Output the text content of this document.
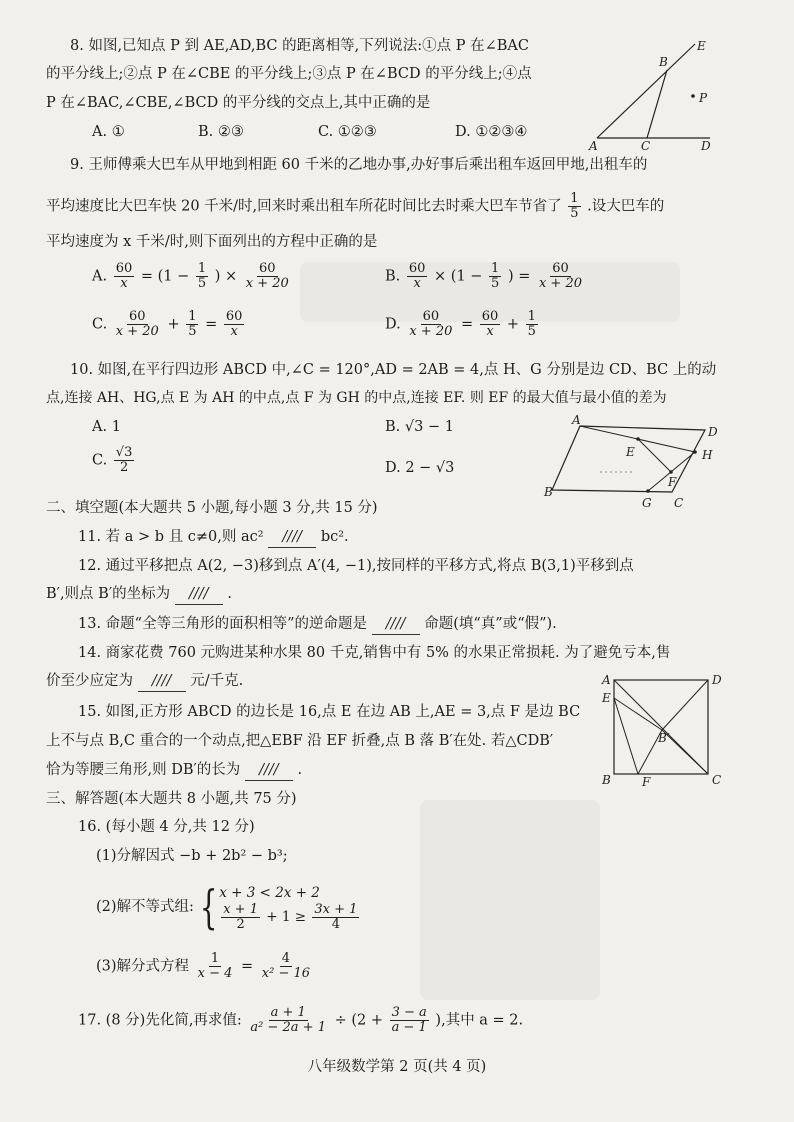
8. 如图,已知点 P 到 AE,AD,BC 的距离相等,下列说法:①点 P 在∠BAC
的平分线上;②点 P 在∠CBE 的平分线上;③点 P 在∠BCD 的平分线上;④点
P 在∠BAC,∠CBE,∠BCD 的平分线的交点上,其中正确的是
A. ①	B. ②③	C. ①②③	D. ①②③④
E
B
P
A	C	D
9. 王师傅乘大巴车从甲地到相距 60 千米的乙地办事,办好事后乘出租车返回甲地,出租车的
平均速度比大巴车快 20 千米/时,回来时乘出租车所花时间比去时乘大巴车节省了 $\frac{1}{5}$ .设大巴车的
平均速度为 x 千米/时,则下面列出的方程中正确的是
A. $\frac{60}{x} = (1 - \frac{1}{5}$ ) × $\frac{60}{x + 20}$	B. $\frac{60}{x} \times (1 - \frac{1}{5}$ ) = $\frac{60}{x + 20}$
C. $\frac{60}{x + 20} + \frac{1}{5} = \frac{60}{x}$	D. $\frac{60}{x + 20} = \frac{60}{x} + \frac{1}{5}$
10. 如图,在平行四边形 ABCD 中,∠C = 120°,AD = 2AB = 4,点 H、G 分别是边 CD、BC 上的动
点,连接 AH、HG,点 E 为 AH 的中点,点 F 为 GH 的中点,连接 EF. 则 EF 的最大值与最小值的差为
A. 1	B. √3 − 1
C. $\frac{√3}{2}$	D. 2 − √3
A
D
E	H
F
B
G C
二、填空题(本大题共 5 小题,每小题 3 分,共 15 分)
11. 若 a > b 且 c≠0,则 ac² //// bc².
12. 通过平移把点 A(2, −3)移到点 A′(4, −1),按同样的平移方式,将点 B(3,1)平移到点
B′,则点 B′的坐标为 //// .
13. 命题“全等三角形的面积相等”的逆命题是 //// 命题(填“真”或“假”).
14. 商家花费 760 元购进某种水果 80 千克,销售中有 5% 的水果正常损耗. 为了避免亏本,售
价至少应定为 //// 元/千克.
15. 如图,正方形 ABCD 的边长是 16,点 E 在边 AB 上,AE = 3,点 F 是边 BC
上不与点 B,C 重合的一个动点,把△EBF 沿 EF 折叠,点 B 落 B′在处. 若△CDB′
恰为等腰三角形,则 DB′的长为 //// .
A	D
E
B′
B	F	C
三、解答题(本大题共 8 小题,共 75 分)
16. (每小题 4 分,共 12 分)
(1)分解因式 −b + 2b² − b³;
(2)解不等式组: { x + 3 < 2x + 2
$\frac{x + 1}{2} + 1 \ge \frac{3x + 1}{4}$
(3)解分式方程 $\frac{1}{x - 4} = \frac{4}{\text{x² − 16}}$
17. (8 分)先化简,再求值: $\frac{a + 1}{\text{a² − 2a + 1}} \div (2 + \frac{3 - a}{a - 1}$ ),其中 a = 2.
八年级数学第 2 页(共 4 页)
